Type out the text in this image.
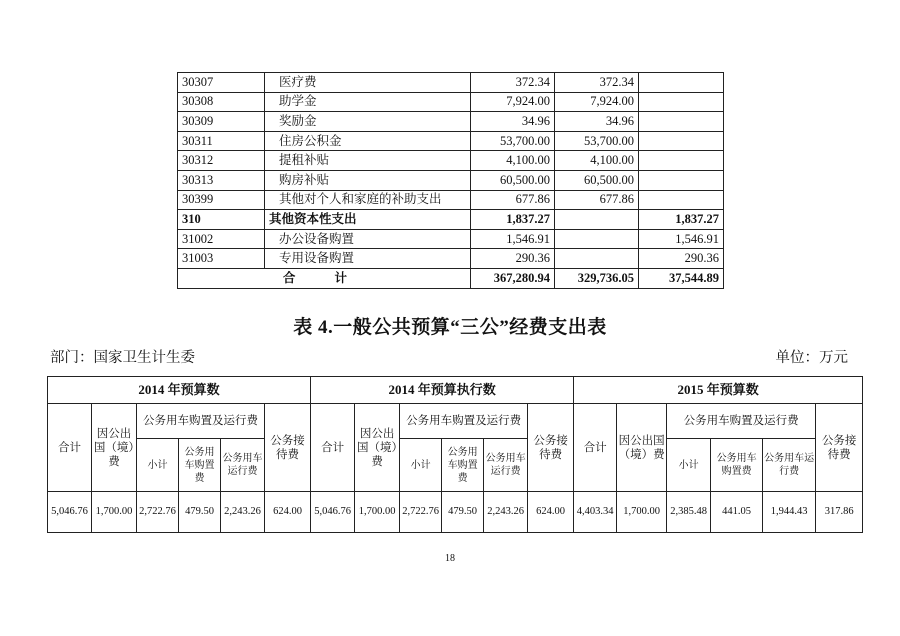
30307	医疗费	372.34	372.34	
30308	助学金	7,924.00	7,924.00	
30309	奖励金	34.96	34.96	
30311	住房公积金	53,700.00	53,700.00	
30312	提租补贴	4,100.00	4,100.00	
30313	购房补贴	60,500.00	60,500.00	
30399	其他对个人和家庭的补助支出	677.86	677.86	
310	其他资本性支出	1,837.27		1,837.27
31002	办公设备购置	1,546.91		1,546.91
31003	专用设备购置	290.36		290.36
合 计		367,280.94	329,736.05	37,544.89
表 4.一般公共预算“三公”经费支出表
部门：国家卫生计生委	单位：万元
2014 年预算数						2014 年预算执行数						2015 年预算数					
合计	因公出国（境）费	公务用车购置及运行费			公务接待费	合计	因公出国（境）费	公务用车购置及运行费			公务接待费	合计	因公出国（境）费	公务用车购置及运行费			公务接待费
		小计	公务用车购置费	公务用车运行费				小计	公务用车购置费	公务用车运行费				小计	公务用车购置费	公务用车运行费	
5,046.76	1,700.00	2,722.76	479.50	2,243.26	624.00	5,046.76	1,700.00	2,722.76	479.50	2,243.26	624.00	4,403.34	1,700.00	2,385.48	441.05	1,944.43	317.86
18
